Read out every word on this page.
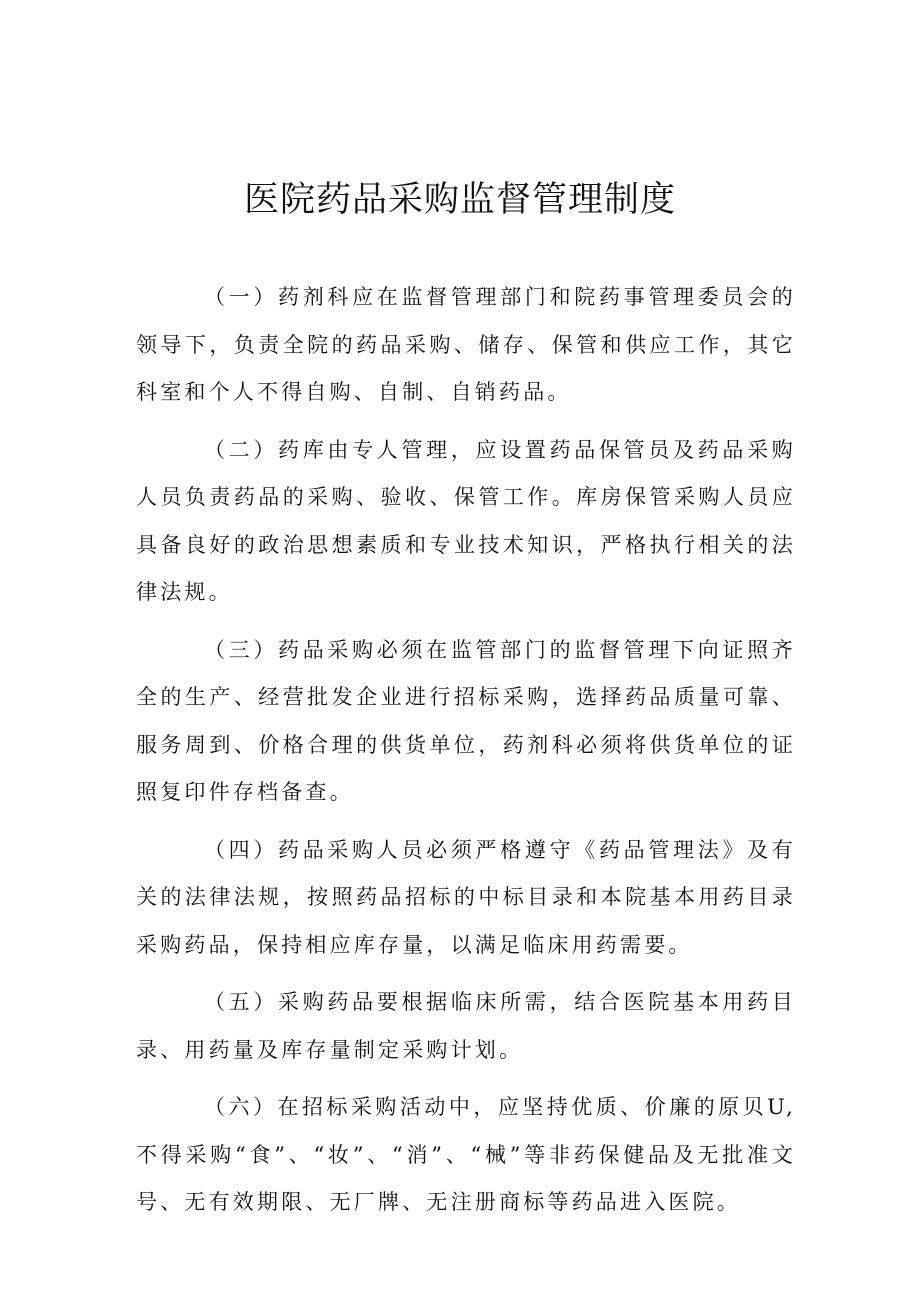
医院药品采购监督管理制度

（一）药剂科应在监督管理部门和院药事管理委员会的领导下，负责全院的药品采购、储存、保管和供应工作，其它科室和个人不得自购、自制、自销药品。

（二）药库由专人管理，应设置药品保管员及药品采购人员负责药品的采购、验收、保管工作。库房保管采购人员应具备良好的政治思想素质和专业技术知识，严格执行相关的法律法规。

（三）药品采购必须在监管部门的监督管理下向证照齐全的生产、经营批发企业进行招标采购，选择药品质量可靠、服务周到、价格合理的供货单位，药剂科必须将供货单位的证照复印件存档备查。

（四）药品采购人员必须严格遵守《药品管理法》及有关的法律法规，按照药品招标的中标目录和本院基本用药目录采购药品，保持相应库存量，以满足临床用药需要。

（五）采购药品要根据临床所需，结合医院基本用药目录、用药量及库存量制定采购计划。

（六）在招标采购活动中，应坚持优质、价廉的原贝U,不得采购“食”、“妆”、“消”、“械”等非药保健品及无批准文号、无有效期限、无厂牌、无注册商标等药品进入医院。
